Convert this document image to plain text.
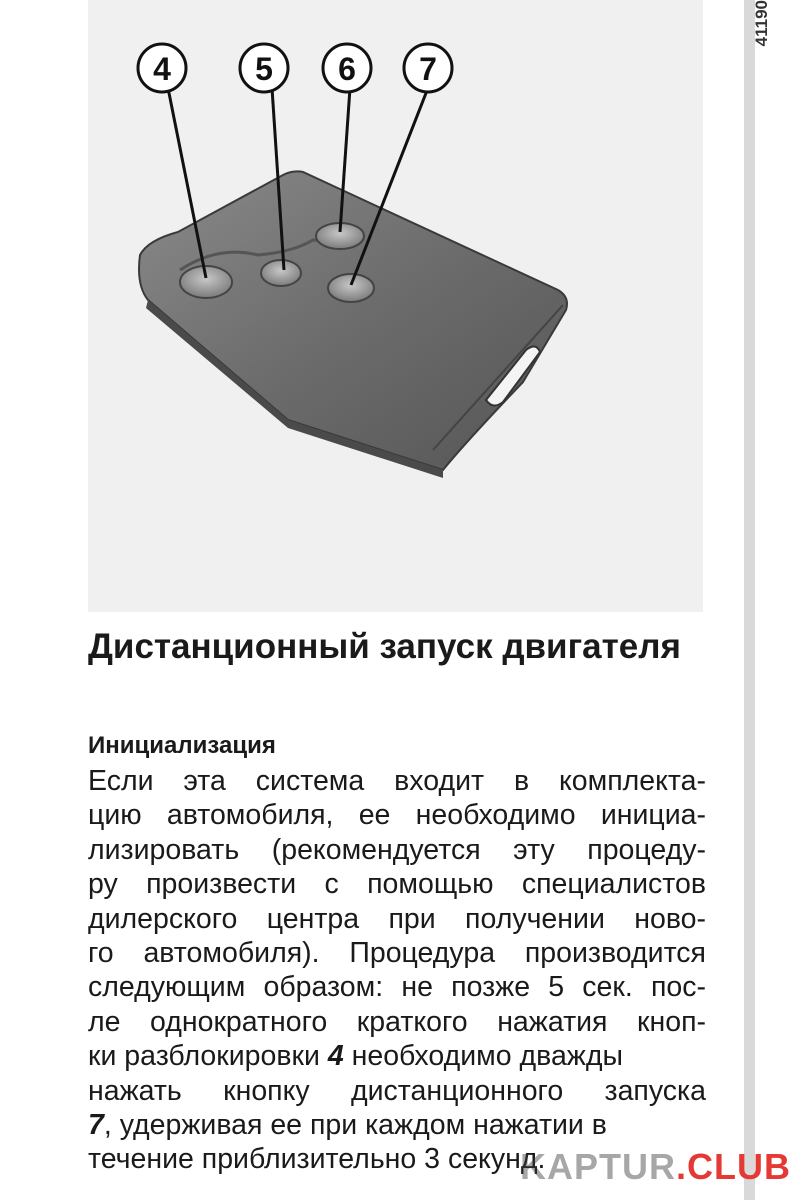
4	5 6 7
41190
Дистанционный запуск двигателя
Инициализация
Если эта система входит в комплекта-
цию автомобиля, ее необходимо инициа-
лизировать (рекомендуется эту процеду-
ру произвести с помощью специалистов
дилерского центра при получении ново-
го автомобиля). Процедура производится
следующим образом: не позже 5 сек. пос-
ле однократного краткого нажатия кноп-
ки разблокировки 4 необходимо дважды
нажать кнопку дистанционного запуска
7, удерживая ее при каждом нажатии в
течение приблизительно 3 секунд.
KAPTUR.CLUB
